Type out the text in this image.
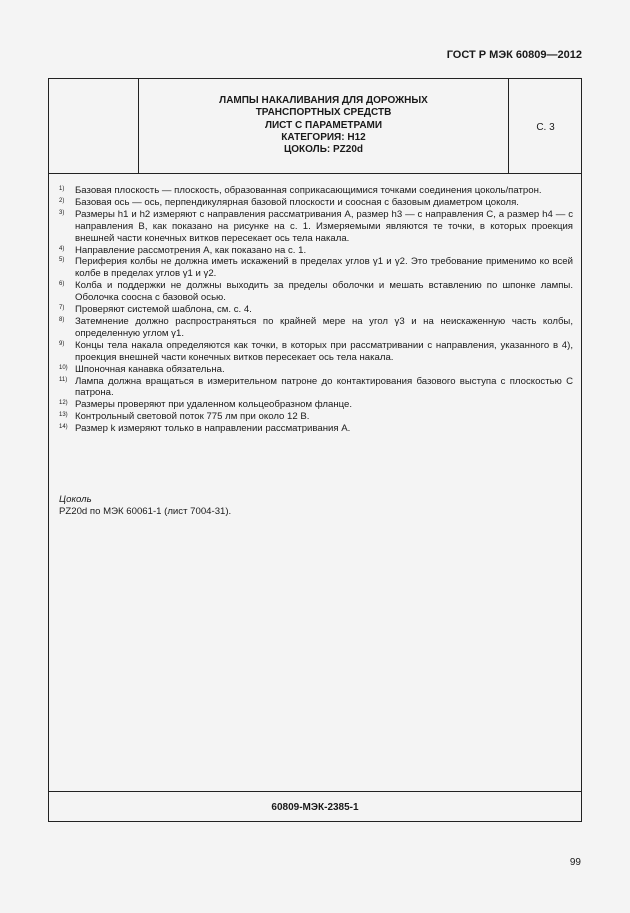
ГОСТ Р МЭК 60809—2012
ЛАМПЫ НАКАЛИВАНИЯ ДЛЯ ДОРОЖНЫХ
ТРАНСПОРТНЫХ СРЕДСТВ
ЛИСТ С ПАРАМЕТРАМИ
КАТЕГОРИЯ: Н12
ЦОКОЛЬ: PZ20d
С. 3
1) Базовая плоскость — плоскость, образованная соприкасающимися точками соединения цоколь/патрон.
2) Базовая ось — ось, перпендикулярная базовой плоскости и соосная с базовым диаметром цоколя.
3) Размеры h1 и h2 измеряют с направления рассматривания А, размер h3 — с направления С, а размер h4 — с направления В, как показано на рисунке на с. 1. Измеряемыми являются те точки, в которых проекция внешней части конечных витков пересекает ось тела накала.
4) Направление рассмотрения А, как показано на с. 1.
5) Периферия колбы не должна иметь искажений в пределах углов γ1 и γ2. Это требование применимо ко всей колбе в пределах углов γ1 и γ2.
6) Колба и поддержки не должны выходить за пределы оболочки и мешать вставлению по шпонке лампы. Оболочка соосна с базовой осью.
7) Проверяют системой шаблона, см. с. 4.
8) Затемнение должно распространяться по крайней мере на угол γ3 и на неискаженную часть колбы, определенную углом γ1.
9) Концы тела накала определяются как точки, в которых при рассматривании с направления, указанного в 4), проекция внешней части конечных витков пересекает ось тела накала.
10) Шпоночная канавка обязательна.
11) Лампа должна вращаться в измерительном патроне до контактирования базового выступа с плоскостью С патрона.
12) Размеры проверяют при удаленном кольцеобразном фланце.
13) Контрольный световой поток 775 лм при около 12 В.
14) Размер k измеряют только в направлении рассматривания А.
Цоколь
PZ20d по МЭК 60061-1 (лист 7004-31).
60809-МЭК-2385-1
99
